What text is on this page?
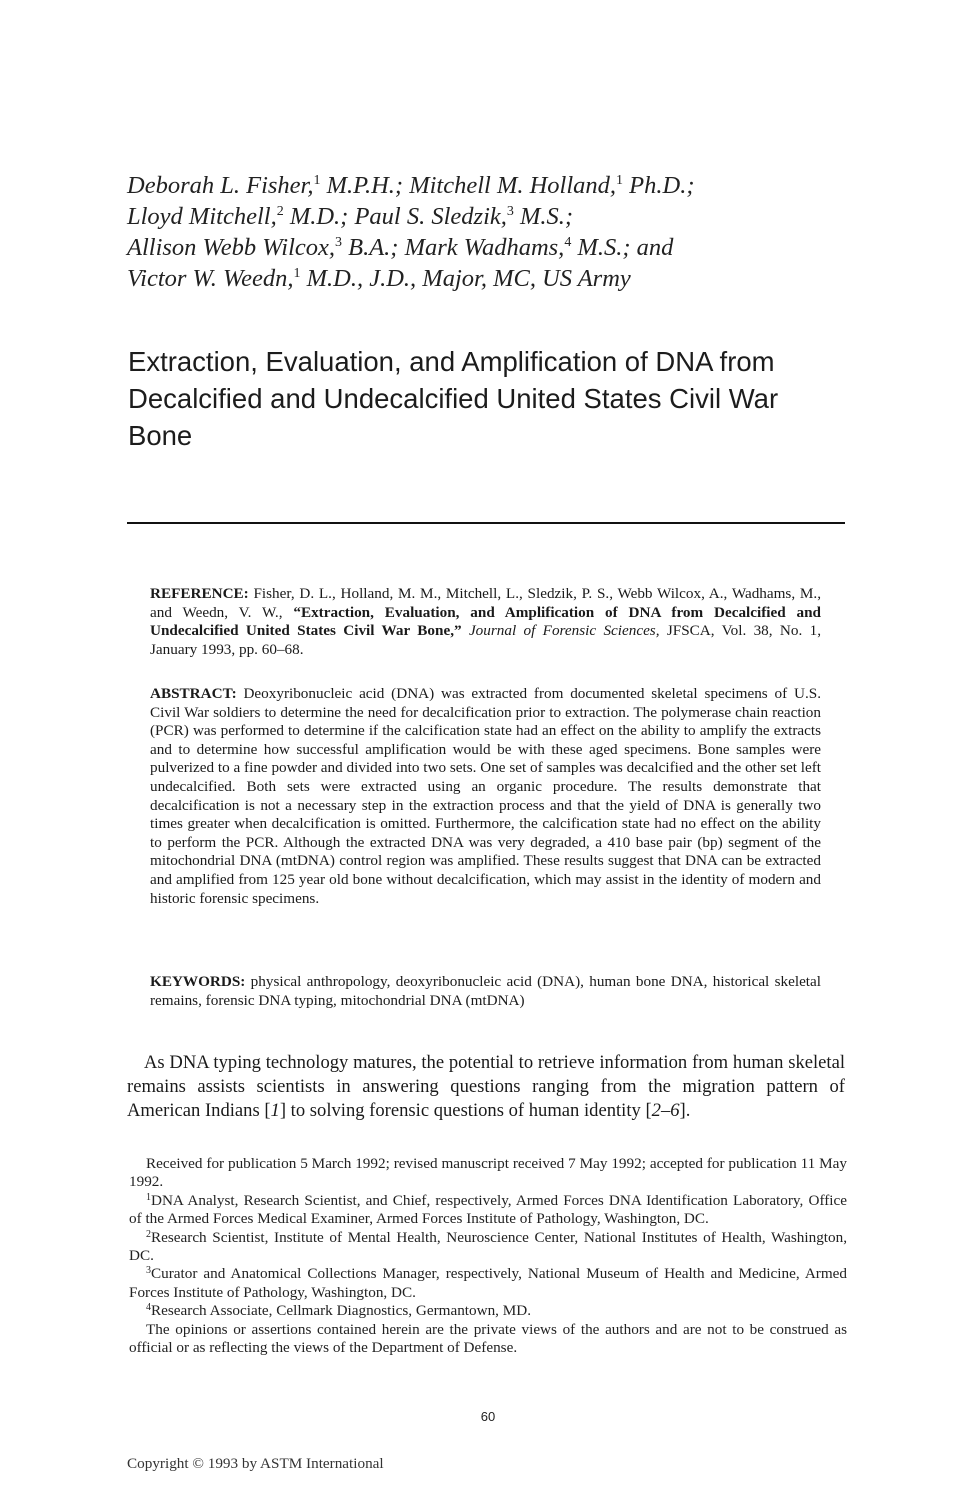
Deborah L. Fisher,$^1$ M.P.H.; Mitchell M. Holland,$^1$ Ph.D.;
Lloyd Mitchell,$^2$ M.D.; Paul S. Sledzik,$^3$ M.S.;
Allison Webb Wilcox,$^3$ B.A.; Mark Wadhams,$^4$ M.S.; and
Victor W. Weedn,$^1$ M.D., J.D., Major, MC, US Army
Extraction, Evaluation, and Amplification of DNA from Decalcified and Undecalcified United States Civil War Bone
REFERENCE: Fisher, D. L., Holland, M. M., Mitchell, L., Sledzik, P. S., Webb Wilcox, A., Wadhams, M., and Weedn, V. W., “Extraction, Evaluation, and Amplification of DNA from Decalcified and Undecalcified United States Civil War Bone,” Journal of Forensic Sciences, JFSCA, Vol. 38, No. 1, January 1993, pp. 60–68.
ABSTRACT: Deoxyribonucleic acid (DNA) was extracted from documented skeletal specimens of U.S. Civil War soldiers to determine the need for decalcification prior to extraction. The polymerase chain reaction (PCR) was performed to determine if the calcification state had an effect on the ability to amplify the extracts and to determine how successful amplification would be with these aged specimens. Bone samples were pulverized to a fine powder and divided into two sets. One set of samples was decalcified and the other set left undecalcified. Both sets were extracted using an organic procedure. The results demonstrate that decalcification is not a necessary step in the extraction process and that the yield of DNA is generally two times greater when decalcification is omitted. Furthermore, the calcification state had no effect on the ability to perform the PCR. Although the extracted DNA was very degraded, a 410 base pair (bp) segment of the mitochondrial DNA (mtDNA) control region was amplified. These results suggest that DNA can be extracted and amplified from 125 year old bone without decalcification, which may assist in the identity of modern and historic forensic specimens.
KEYWORDS: physical anthropology, deoxyribonucleic acid (DNA), human bone DNA, historical skeletal remains, forensic DNA typing, mitochondrial DNA (mtDNA)
As DNA typing technology matures, the potential to retrieve information from human skeletal remains assists scientists in answering questions ranging from the migration pattern of American Indians [1] to solving forensic questions of human identity [2–6].

Received for publication 5 March 1992; revised manuscript received 7 May 1992; accepted for publication 11 May 1992.

$^1$DNA Analyst, Research Scientist, and Chief, respectively, Armed Forces DNA Identification Laboratory, Office of the Armed Forces Medical Examiner, Armed Forces Institute of Pathology, Washington, DC.

$^2$Research Scientist, Institute of Mental Health, Neuroscience Center, National Institutes of Health, Washington, DC.

$^3$Curator and Anatomical Collections Manager, respectively, National Museum of Health and Medicine, Armed Forces Institute of Pathology, Washington, DC.

$^4$Research Associate, Cellmark Diagnostics, Germantown, MD.

The opinions or assertions contained herein are the private views of the authors and are not to be construed as official or as reflecting the views of the Department of Defense.

60
Copyright © 1993 by ASTM International
